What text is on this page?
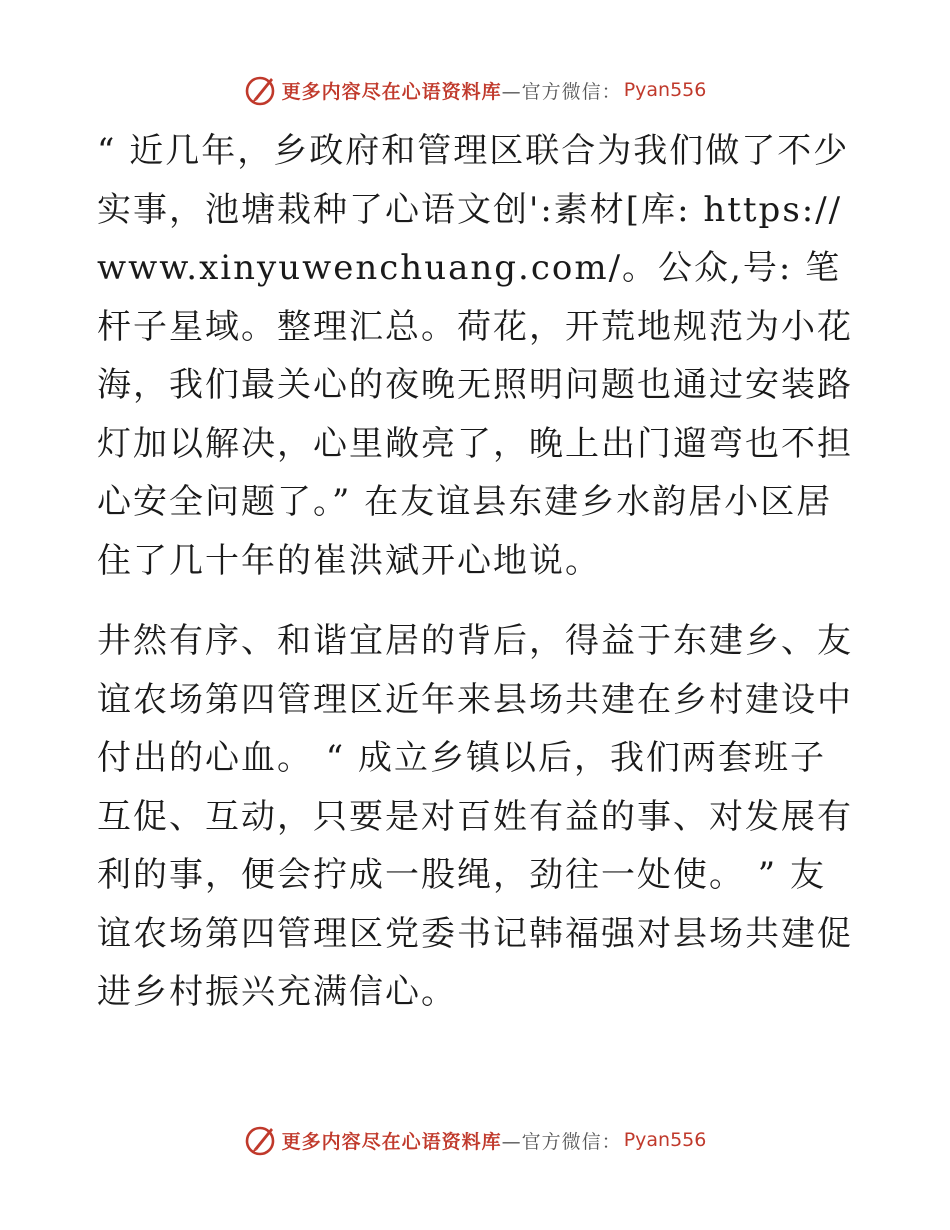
更多内容尽在心语资料库 —官方微信： Pyan556

“ 近几年，乡政府和管理区联合为我们做了不少实事，池塘栽种了心语文创':素材[库: https://www.xinyuwenchuang.com/。公众,号: 笔杆子星域。整理汇总。荷花，开荒地规范为小花海，我们最关心的夜晚无照明问题也通过安装路灯加以解决，心里敞亮了，晚上出门遛弯也不担心安全问题了。” 在友谊县东建乡水韵居小区居住了几十年的崔洪斌开心地说。

井然有序、和谐宜居的背后，得益于东建乡、友谊农场第四管理区近年来县场共建在乡村建设中付出的心血。 “ 成立乡镇以后，我们两套班子互促、互动，只要是对百姓有益的事、对发展有利的事，便会拧成一股绳，劲往一处使。 ” 友谊农场第四管理区党委书记韩福强对县场共建促进乡村振兴充满信心。

更多内容尽在心语资料库 —官方微信： Pyan556
